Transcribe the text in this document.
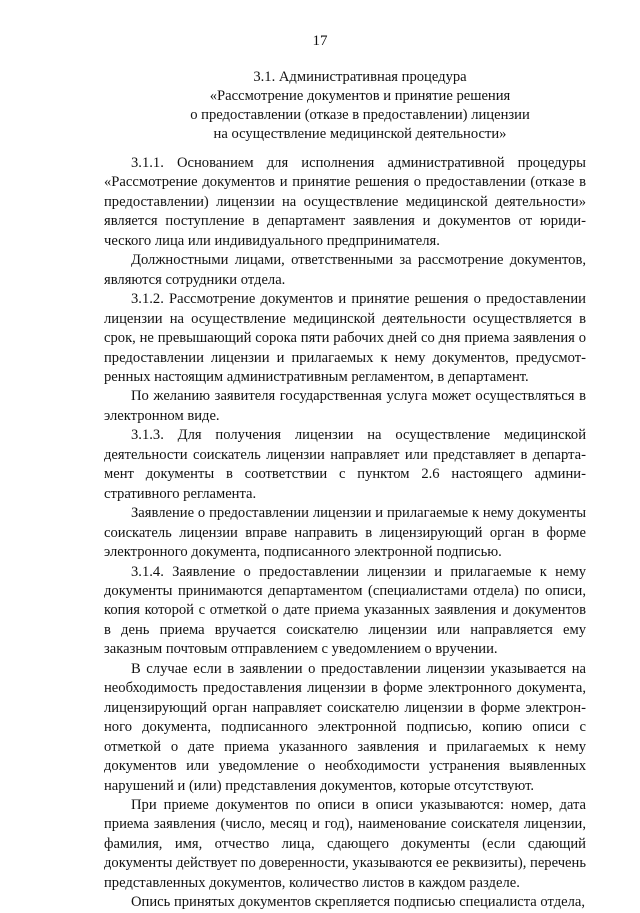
17
3.1. Административная процедура
«Рассмотрение документов и принятие решения
о предоставлении (отказе в предоставлении) лицензии
на осуществление медицинской деятельности»

3.1.1. Основанием для исполнения административной процедуры «Рассмотрение документов и принятие решения о предоставлении (отказе в предоставлении) лицензии на осуществление медицинской деятельности» является поступление в департамент заявления и документов от юридического лица или индивидуального предпринимателя.

Должностными лицами, ответственными за рассмотрение документов, являются сотрудники отдела.

3.1.2. Рассмотрение документов и принятие решения о предоставлении лицензии на осуществление медицинской деятельности осуществляется в срок, не превышающий сорока пяти рабочих дней со дня приема заявления о предоставлении лицензии и прилагаемых к нему документов, предусмотренных настоящим административным регламентом, в департамент.

По желанию заявителя государственная услуга может осуществляться в электронном виде.

3.1.3. Для получения лицензии на осуществление медицинской деятельности соискатель лицензии направляет или представляет в департамент документы в соответствии с пунктом 2.6 настоящего административного регламента.

Заявление о предоставлении лицензии и прилагаемые к нему документы соискатель лицензии вправе направить в лицензирующий орган в форме электронного документа, подписанного электронной подписью.

3.1.4. Заявление о предоставлении лицензии и прилагаемые к нему документы принимаются департаментом (специалистами отдела) по описи, копия которой с отметкой о дате приема указанных заявления и документов в день приема вручается соискателю лицензии или направляется ему заказным почтовым отправлением с уведомлением о вручении.

В случае если в заявлении о предоставлении лицензии указывается на необходимость предоставления лицензии в форме электронного документа, лицензирующий орган направляет соискателю лицензии в форме электронного документа, подписанного электронной подписью, копию описи с отметкой о дате приема указанного заявления и прилагаемых к нему документов или уведомление о необходимости устранения выявленных нарушений и (или) представления документов, которые отсутствуют.

При приеме документов по описи в описи указываются: номер, дата приема заявления (число, месяц и год), наименование соискателя лицензии, фамилия, имя, отчество лица, сдающего документы (если сдающий документы действует по доверенности, указываются ее реквизиты), перечень представленных документов, количество листов в каждом разделе.

Опись принятых документов скрепляется подписью специалиста отдела,
